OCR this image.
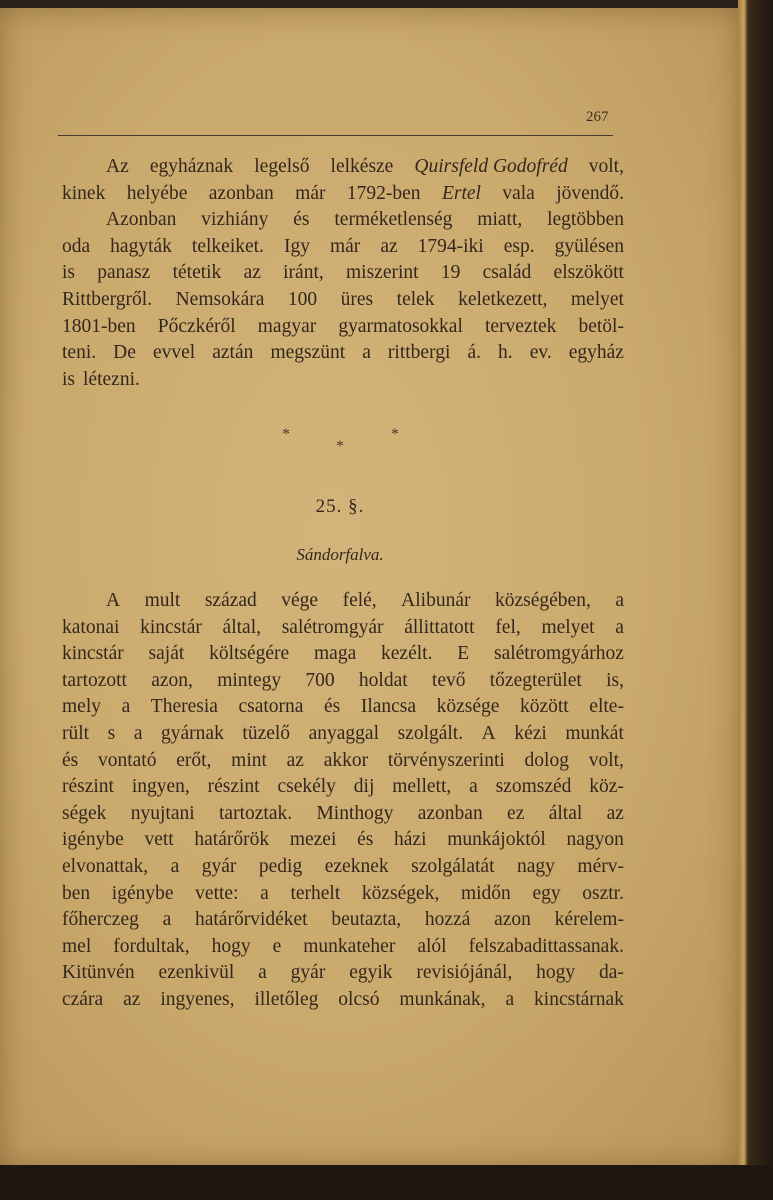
267
Az egyháznak legelső lelkésze Quirsfeld Godofréd volt,
kinek helyébe azonban már 1792-ben Ertel vala jövendő.
Azonban vizhiány és terméketlenség miatt, legtöbben
oda hagyták telkeiket. Igy már az 1794-iki esp. gyülésen
is panasz tétetik az iránt, miszerint 19 család elszökött
Rittbergről. Nemsokára 100 üres telek keletkezett, melyet
1801-ben Pőczkéről magyar gyarmatosokkal terveztek betöl-
teni. De evvel aztán megszünt a rittbergi á. h. ev. egyház
is létezni.
*	*
*
25. §.
Sándorfalva.
A mult század vége felé, Alibunár községében, a
katonai kincstár által, salétromgyár állittatott fel, melyet a
kincstár saját költségére maga kezélt. E salétromgyárhoz
tartozott azon, mintegy 700 holdat tevő tőzegterület is,
mely a Theresia csatorna és Ilancsa községe között elte-
rült s a gyárnak tüzelő anyaggal szolgált. A kézi munkát
és vontató erőt, mint az akkor törvényszerinti dolog volt,
részint ingyen, részint csekély dij mellett, a szomszéd köz-
ségek nyujtani tartoztak. Minthogy azonban ez által az
igénybe vett határőrök mezei és házi munkájoktól nagyon
elvonattak, a gyár pedig ezeknek szolgálatát nagy mérv-
ben igénybe vette: a terhelt községek, midőn egy osztr.
főherczeg a határőrvidéket beutazta, hozzá azon kérelem-
mel fordultak, hogy e munkateher alól felszabadittassanak.
Kitünvén ezenkivül a gyár egyik revisiójánál, hogy da-
czára az ingyenes, illetőleg olcsó munkának, a kincstárnak
